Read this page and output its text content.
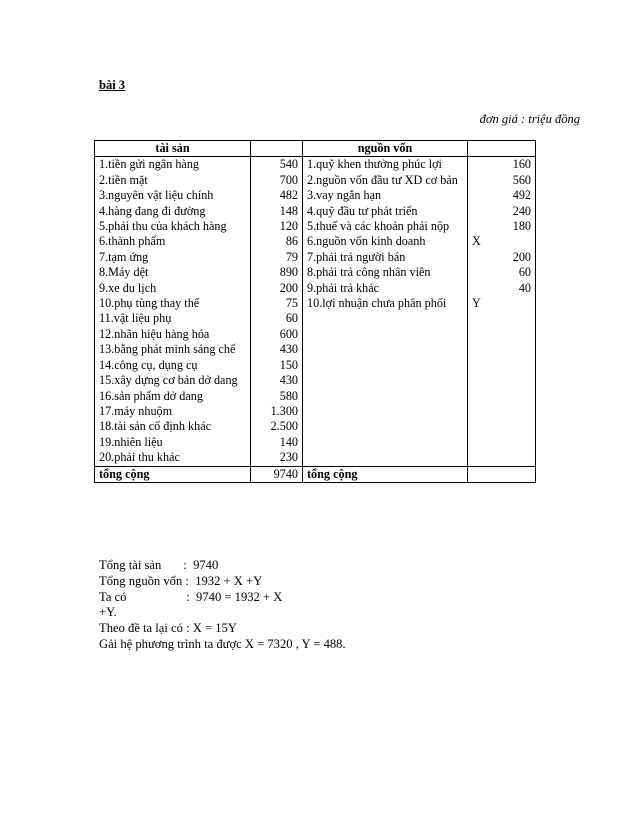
bài 3
đơn giá : triệu đồng
tài sản		nguồn vốn	
1.tiền gửi ngân hàng	540	1.quỹ khen thưởng phúc lợi	160
2.tiền mặt	700	2.nguồn vốn đầu tư XD cơ bản	560
3.nguyên vật liệu chính	482	3.vay ngắn hạn	492
4.hàng đang đi đường	148	4.quỹ đầu tư phát triển	240
5.phải thu của khách hàng	120	5.thuế và các khoản phải nộp	180
6.thành phẩm	86	6.nguồn vốn kinh doanh	X
7.tạm ứng	79	7.phải trả người bán	200
8.Máy dệt	890	8.phải trả công nhân viên	60
9.xe du lịch	200	9.phải trả khác	40
10.phụ tùng thay thế	75	10.lợi nhuận chưa phân phối	Y
11.vật liệu phụ	60		
12.nhãn hiệu hàng hóa	600		
13.bằng phát minh sáng chế	430		
14.công cụ, dụng cụ	150		
15.xây dựng cơ bản dở dang	430		
16.sản phẩm dở dang	580		
17.máy nhuộm	1.300		
18.tài sản cố định khác	2.500		
19.nhiên liệu	140		
20.phải thu khác	230		
tổng cộng	9740	tổng cộng	
Tổng tài sản       :  9740
Tổng nguồn vốn :  1932 + X +Y
Ta có                   :  9740 = 1932 + X
+Y.
Theo đề ta lại có : X = 15Y
Gải hệ phương trình ta được X = 7320 , Y = 488.
